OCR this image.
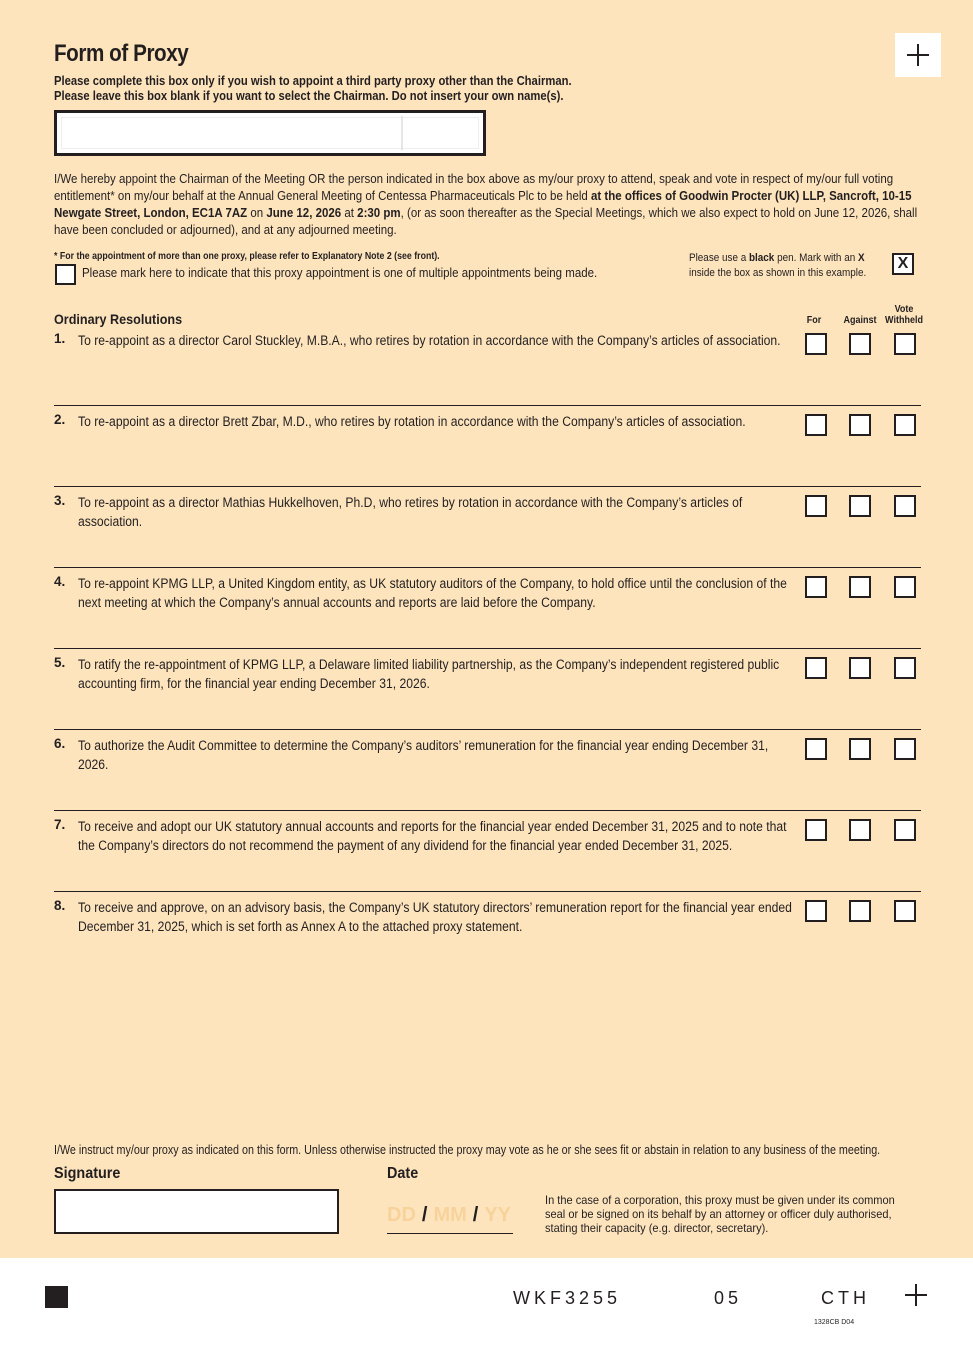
Form of Proxy
Please complete this box only if you wish to appoint a third party proxy other than the Chairman.
Please leave this box blank if you want to select the Chairman. Do not insert your own name(s).
I/We hereby appoint the Chairman of the Meeting OR the person indicated in the box above as my/our proxy to attend, speak and vote in respect of my/our full voting entitlement* on my/our behalf at the Annual General Meeting of Centessa Pharmaceuticals Plc to be held at the offices of Goodwin Procter (UK) LLP, Sancroft, 10-15 Newgate Street, London, EC1A 7AZ on June 12, 2026 at 2:30 pm, (or as soon thereafter as the Special Meetings, which we also expect to hold on June 12, 2026, shall have been concluded or adjourned), and at any adjourned meeting.
* For the appointment of more than one proxy, please refer to Explanatory Note 2 (see front).
Please mark here to indicate that this proxy appointment is one of multiple appointments being made.
Please use a black pen. Mark with an X
inside the box as shown in this example.
X
Ordinary Resolutions	For	Against
Vote
Withheld
1. To re-appoint as a director Carol Stuckley, M.B.A., who retires by rotation in accordance with the Company’s articles of association.
2. To re-appoint as a director Brett Zbar, M.D., who retires by rotation in accordance with the Company’s articles of association.
3. To re-appoint as a director Mathias Hukkelhoven, Ph.D, who retires by rotation in accordance with the Company’s articles of association.
4. To re-appoint KPMG LLP, a United Kingdom entity, as UK statutory auditors of the Company, to hold office until the conclusion of the next meeting at which the Company’s annual accounts and reports are laid before the Company.
5. To ratify the re-appointment of KPMG LLP, a Delaware limited liability partnership, as the Company’s independent registered public accounting firm, for the financial year ending December 31, 2026.
6. To authorize the Audit Committee to determine the Company’s auditors’ remuneration for the financial year ending December 31, 2026.
7. To receive and adopt our UK statutory annual accounts and reports for the financial year ended December 31, 2025 and to note that the Company’s directors do not recommend the payment of any dividend for the financial year ended December 31, 2025.
8. To receive and approve, on an advisory basis, the Company’s UK statutory directors’ remuneration report for the financial year ended December 31, 2025, which is set forth as Annex A to the attached proxy statement.
I/We instruct my/our proxy as indicated on this form. Unless otherwise instructed the proxy may vote as he or she sees fit or abstain in relation to any business of the meeting.
Signature	Date
DD / MM / YY
In the case of a corporation, this proxy must be given under its common
seal or be signed on its behalf by an attorney or officer duly authorised,
stating their capacity (e.g. director, secretary).
WKF3255	05	CTH
1328CB D04
